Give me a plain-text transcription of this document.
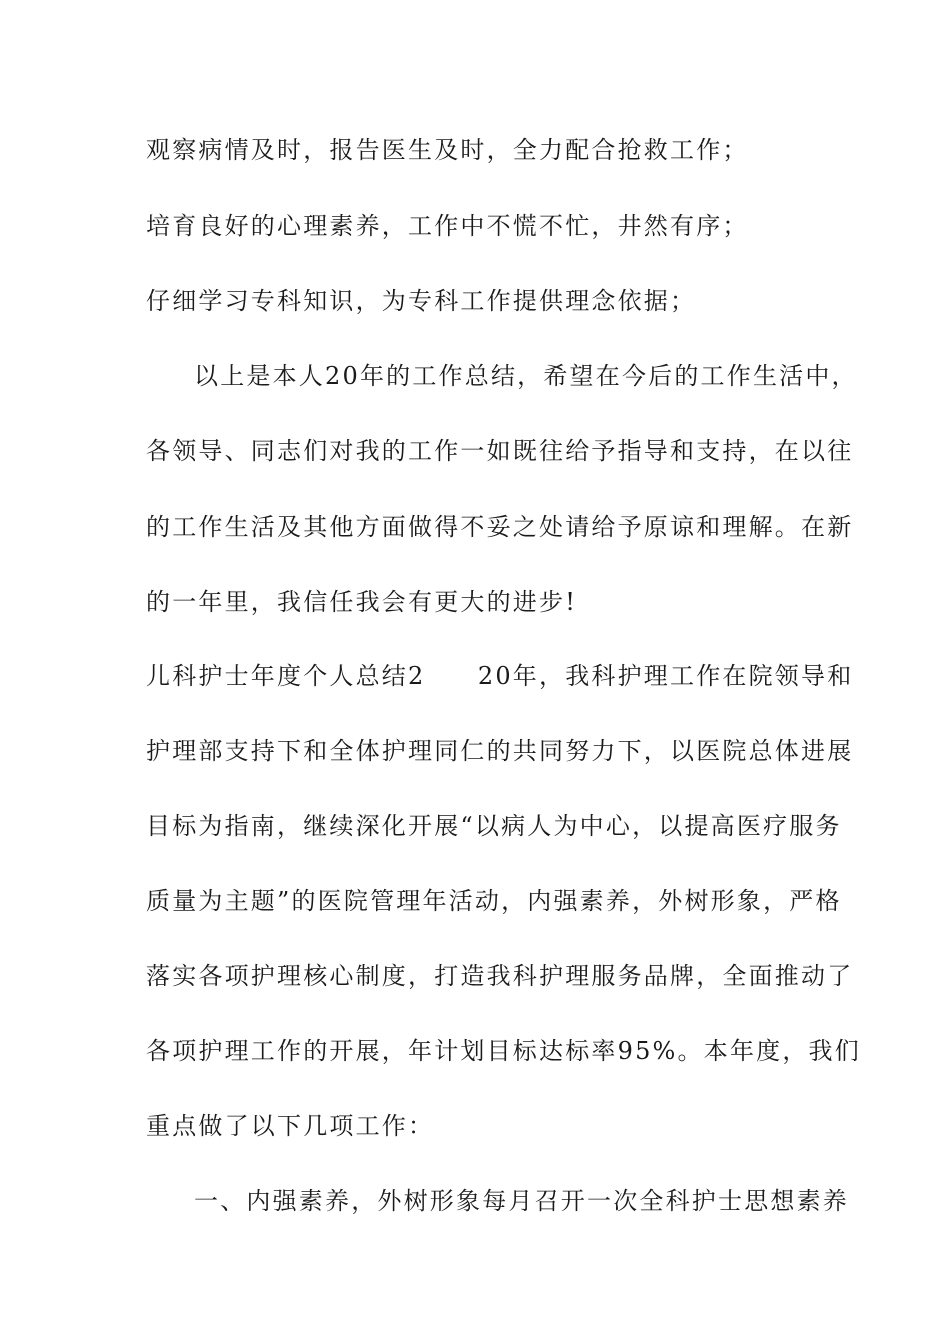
观察病情及时，报告医生及时，全力配合抢救工作；
培育良好的心理素养，工作中不慌不忙，井然有序；
仔细学习专科知识，为专科工作提供理念依据；
以上是本人20年的工作总结，希望在今后的工作生活中，
各领导、同志们对我的工作一如既往给予指导和支持，在以往
的工作生活及其他方面做得不妥之处请给予原谅和理解。在新
的一年里，我信任我会有更大的进步!
儿科护士年度个人总结2　　20年，我科护理工作在院领导和
护理部支持下和全体护理同仁的共同努力下，以医院总体进展
目标为指南，继续深化开展“以病人为中心，以提高医疗服务
质量为主题”的医院管理年活动，内强素养，外树形象，严格
落实各项护理核心制度，打造我科护理服务品牌，全面推动了
各项护理工作的开展，年计划目标达标率95%。本年度，我们
重点做了以下几项工作：
一、内强素养，外树形象每月召开一次全科护士思想素养
